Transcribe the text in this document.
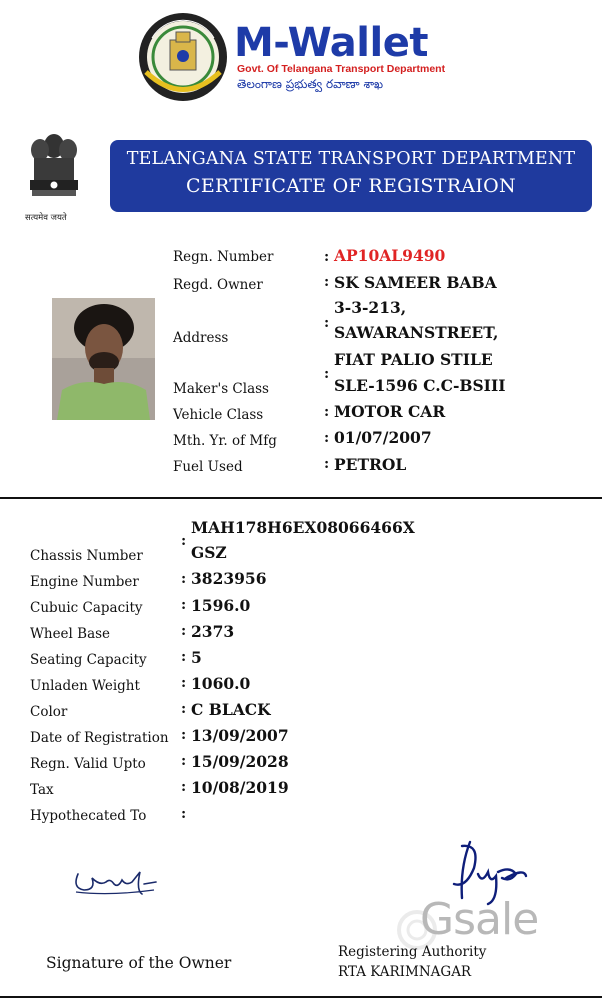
M-Wallet
Govt. Of Telangana Transport Department
తెలంగాణ ప్రభుత్వ రవాణా శాఖ
सत्यमेव जयते
TELANGANA STATE TRANSPORT DEPARTMENT
CERTIFICATE OF REGISTRAION
Regn. Number	: AP10AL9490
Regd. Owner	: SK SAMEER BABA
Address
:
3-3-213,
SAWARANSTREET,
Maker's Class
:
FIAT PALIO STILE
SLE-1596 C.C-BSIII
Vehicle Class	: MOTOR CAR
Mth. Yr. of Mfg	: 01/07/2007
Fuel Used	: PETROL
Chassis Number
:
MAH178H6EX08066466X
GSZ
Engine Number	: 3823956
Cubuic Capacity	: 1596.0
Wheel Base	: 2373
Seating Capacity : 5
Unladen Weight	: 1060.0
Color	: C BLACK
Date of Registration : 13/09/2007
Regn. Valid Upto	: 15/09/2028
Tax	: 10/08/2019
Hypothecated To :
Gsale
Signature of the Owner
Registering Authority
RTA KARIMNAGAR
